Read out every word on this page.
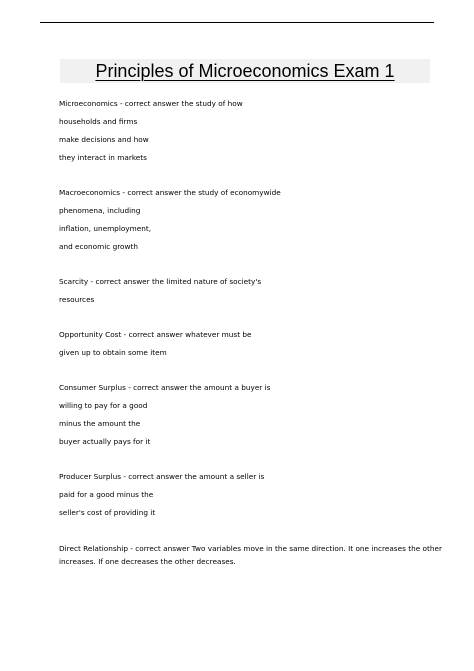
Principles of Microeconomics Exam 1
Microeconomics - correct answer the study of how
households and firms
make decisions and how
they interact in markets
Macroeconomics - correct answer the study of economywide
phenomena, including
inflation, unemployment,
and economic growth
Scarcity - correct answer the limited nature of society's
resources
Opportunity Cost - correct answer whatever must be
given up to obtain some item
Consumer Surplus - correct answer the amount a buyer is
willing to pay for a good
minus the amount the
buyer actually pays for it
Producer Surplus - correct answer the amount a seller is
paid for a good minus the
seller's cost of providing it
Direct Relationship - correct answer Two variables move in the same direction. It one increases the other increases. If one decreases the other decreases.
